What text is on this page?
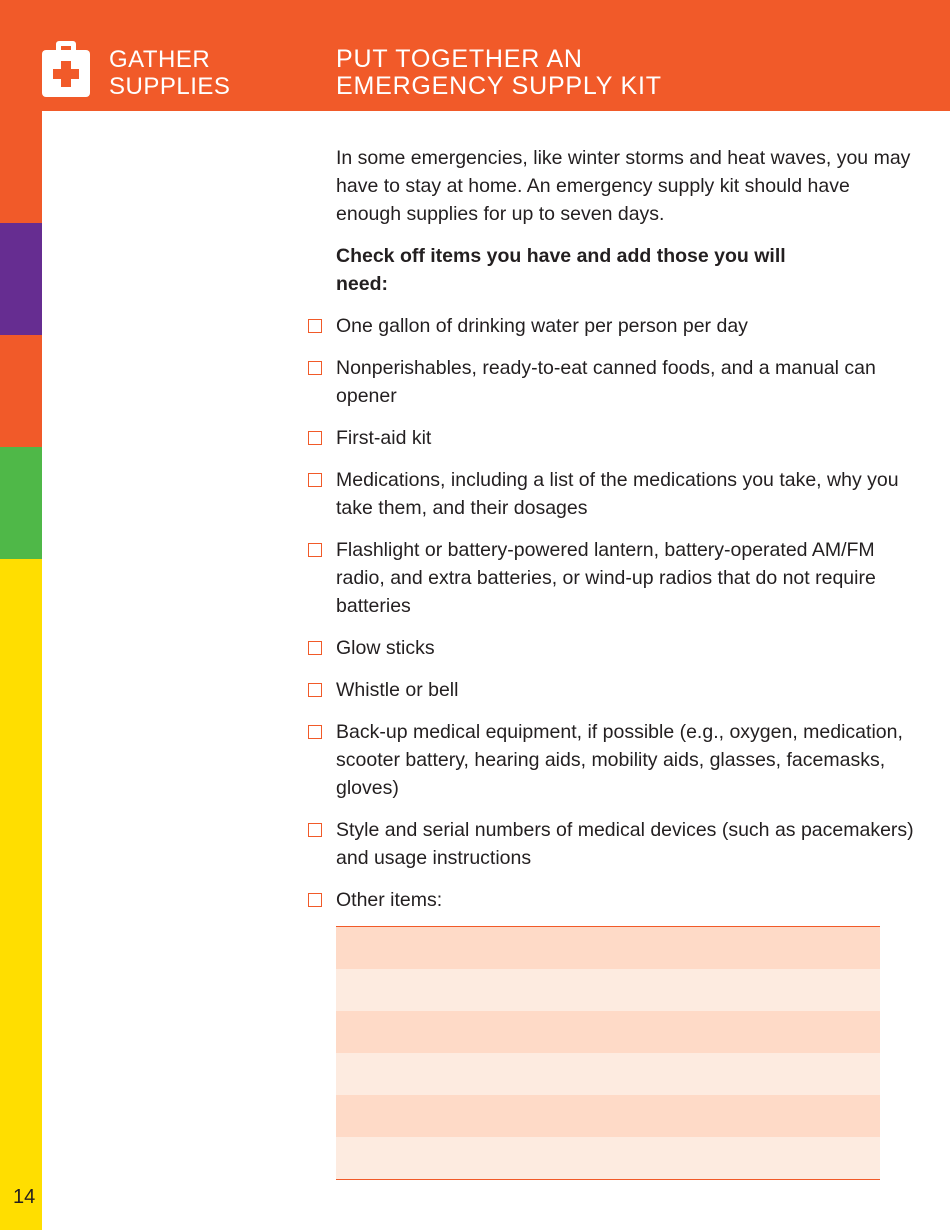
GATHER
SUPPLIES
PUT TOGETHER AN
EMERGENCY SUPPLY KIT

In some emergencies, like winter storms and heat waves, you may have to stay at home. An emergency supply kit should have enough supplies for up to seven days.

Check off items you have and add those you will need:

One gallon of drinking water per person per day
Nonperishables, ready-to-eat canned foods, and a manual can opener
First-aid kit
Medications, including a list of the medications you take, why you take them, and their dosages
Flashlight or battery-powered lantern, battery-operated AM/FM radio, and extra batteries, or wind-up radios that do not require batteries
Glow sticks
Whistle or bell
Back-up medical equipment, if possible (e.g., oxygen, medication, scooter battery, hearing aids, mobility aids, glasses, facemasks, gloves)
Style and serial numbers of medical devices (such as pacemakers) and usage instructions
Other items:
14
